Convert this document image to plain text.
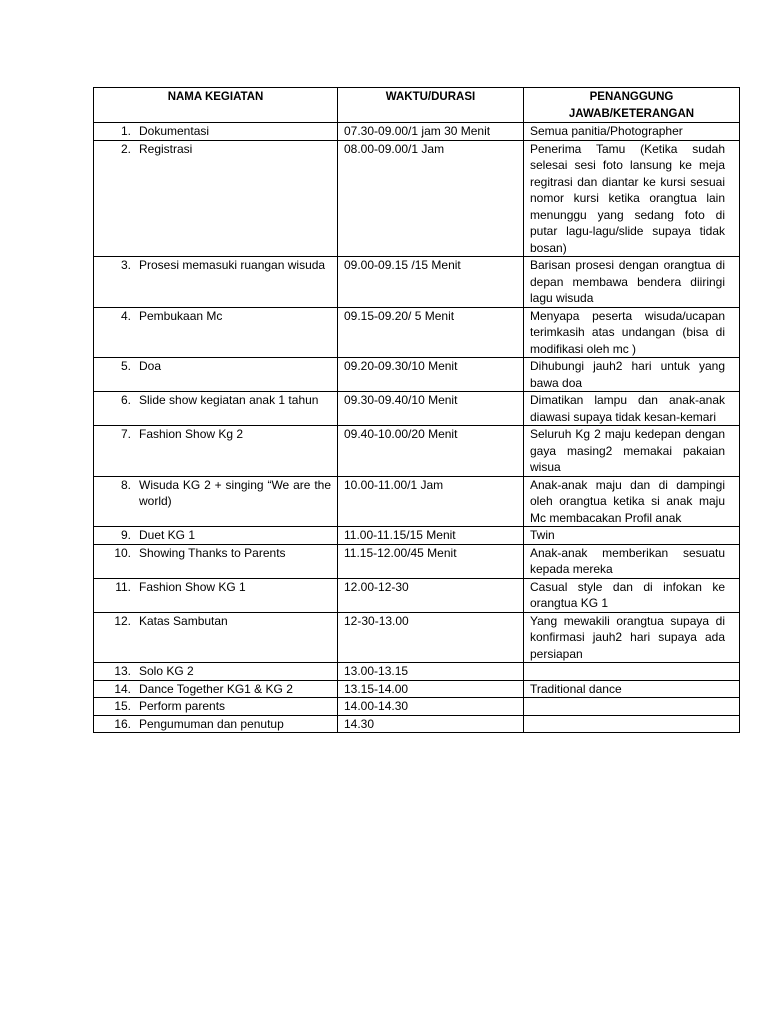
NAMA KEGIATAN	WAKTU/DURASI	PENANGGUNG JAWAB/KETERANGAN

1. Dokumentasi	07.30-09.00/1 jam 30 Menit	Semua panitia/Photographer

2. Registrasi	08.00-09.00/1 Jam	Penerima Tamu (Ketika sudah selesai sesi foto lansung ke meja regitrasi dan diantar ke kursi sesuai nomor kursi ketika orangtua lain menunggu yang sedang foto di putar lagu-lagu/slide supaya tidak bosan)

3. Prosesi memasuki ruangan wisuda	09.00-09.15 /15 Menit	Barisan prosesi dengan orangtua di depan membawa bendera diiringi lagu wisuda

4. Pembukaan Mc	09.15-09.20/ 5 Menit	Menyapa peserta wisuda/ucapan terimkasih atas undangan (bisa di modifikasi oleh mc )

5. Doa	09.20-09.30/10 Menit	Dihubungi jauh2 hari untuk yang bawa doa

6. Slide show kegiatan anak 1 tahun	09.30-09.40/10 Menit	Dimatikan lampu dan anak-anak diawasi supaya tidak kesan-kemari

7. Fashion Show Kg 2	09.40-10.00/20 Menit	Seluruh Kg 2 maju kedepan dengan gaya masing2 memakai pakaian wisua

8. Wisuda KG 2 + singing “We are the world)	10.00-11.00/1 Jam	Anak-anak maju dan di dampingi oleh orangtua ketika si anak maju Mc membacakan Profil anak

9. Duet KG 1	11.00-11.15/15 Menit	Twin

10. Showing Thanks to Parents	11.15-12.00/45 Menit	Anak-anak memberikan sesuatu kepada mereka

11. Fashion Show KG 1	12.00-12-30	Casual style dan di infokan ke orangtua KG 1

12. Katas Sambutan	12-30-13.00	Yang mewakili orangtua supaya di konfirmasi jauh2 hari supaya ada persiapan

13. Solo KG 2	13.00-13.15	

14. Dance Together KG1 & KG 2	13.15-14.00	Traditional dance

15. Perform parents	14.00-14.30	

16. Pengumuman dan penutup	14.30	
